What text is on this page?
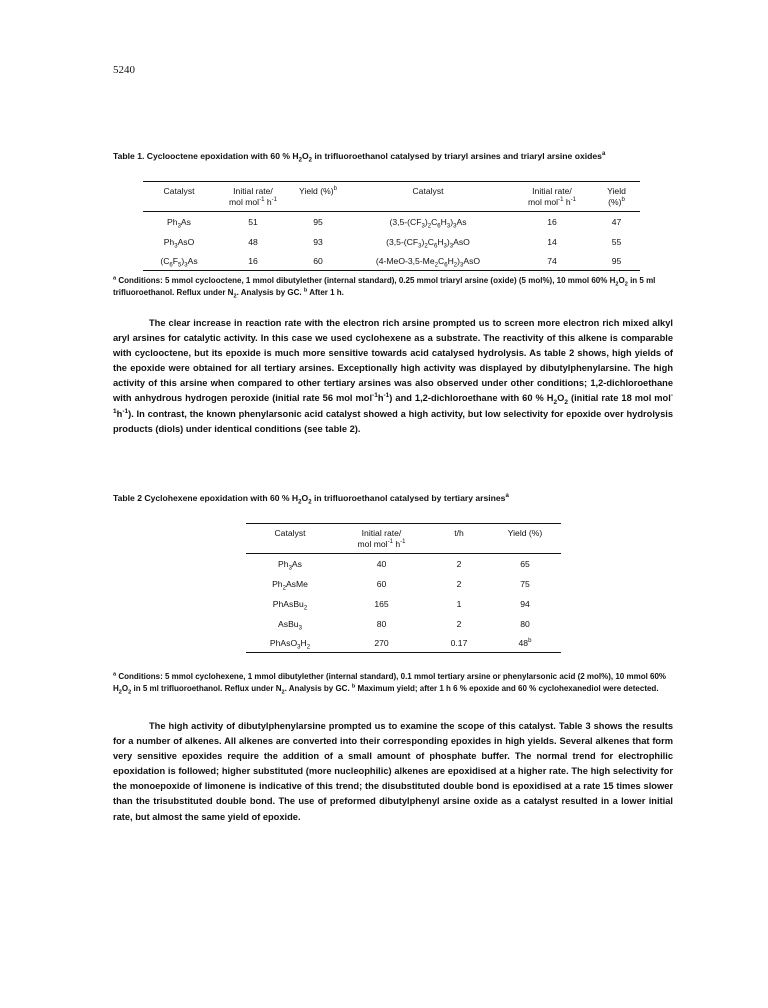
5240
Table 1. Cyclooctene epoxidation with 60 % $H_2O_2$ in trifluoroethanol catalysed by triaryl arsines and triaryl arsine oxides$^a$
Catalyst	Initial rate/
mol mol$^{-1}$ $h^{-1}$	Yield (%)$^b$	Catalyst	Initial rate/
mol mol$^{-1}$ $h^{-1}$	Yield
(%)$^b$
$Ph_3As$	51	95	$(3,5-(CF_3)_2C_6H_3)_3As$	16	47
$Ph_3AsO$	48	93	$(3,5-(CF_3)_2C_6H_3)_3AsO$	14	55
$(C_6F_5)_3As$	16	60	$(4-MeO-3,5-Me_2C_6H_2)_3AsO$	74	95
$^a$ Conditions: 5 mmol cyclooctene, 1 mmol dibutylether (internal standard), 0.25 mmol triaryl arsine (oxide) (5 mol%), 10 mmol 60% $H_2O_2$ in 5 ml trifluoroethanol. Reflux under $N_2$. Analysis by GC. $^b$ After 1 h.
The clear increase in reaction rate with the electron rich arsine prompted us to screen more electron rich mixed alkyl aryl arsines for catalytic activity. In this case we used cyclohexene as a substrate. The reactivity of this alkene is comparable with cyclooctene, but its epoxide is much more sensitive towards acid catalysed hydrolysis. As table 2 shows, high yields of the epoxide were obtained for all tertiary arsines. Exceptionally high activity was displayed by dibutylphenylarsine. The high activity of this arsine when compared to other tertiary arsines was also observed under other conditions; 1,2-dichloroethane with anhydrous hydrogen peroxide (initial rate 56 mol $mol^{-1}h^{-1}$) and 1,2-dichloroethane with 60 % $H_2O_2$ (initial rate 18 mol $mol^{-1}h^{-1}$). In contrast, the known phenylarsonic acid catalyst showed a high activity, but low selectivity for epoxide over hydrolysis products (diols) under identical conditions (see table 2).
Table 2 Cyclohexene epoxidation with 60 % $H_2O_2$ in trifluoroethanol catalysed by tertiary arsines$^a$
Catalyst	Initial rate/
mol mol$^{-1}$ $h^{-1}$	t/h	Yield (%)
$Ph_3As$	40	2	65
$Ph_2AsMe$	60	2	75
PhAsBu$_2$	165	1	94
AsBu$_3$	80	2	80
$PhAsO_3H_2$	270	0.17	48$^b$
$^a$ Conditions: 5 mmol cyclohexene, 1 mmol dibutylether (internal standard), 0.1 mmol tertiary arsine or phenylarsonic acid (2 mol%), 10 mmol 60% $H_2O_2$ in 5 ml trifluoroethanol. Reflux under $N_2$. Analysis by GC. $^b$ Maximum yield; after 1 h 6 % epoxide and 60 % cyclohexanediol were detected.
The high activity of dibutylphenylarsine prompted us to examine the scope of this catalyst. Table 3 shows the results for a number of alkenes. All alkenes are converted into their corresponding epoxides in high yields. Several alkenes that form very sensitive epoxides require the addition of a small amount of phosphate buffer. The normal trend for electrophilic epoxidation is followed; higher substituted (more nucleophilic) alkenes are epoxidised at a higher rate. The high selectivity for the monoepoxide of limonene is indicative of this trend; the disubstituted double bond is epoxidised at a rate 15 times slower than the trisubstituted double bond. The use of preformed dibutylphenyl arsine oxide as a catalyst resulted in a lower initial rate, but almost the same yield of epoxide.
